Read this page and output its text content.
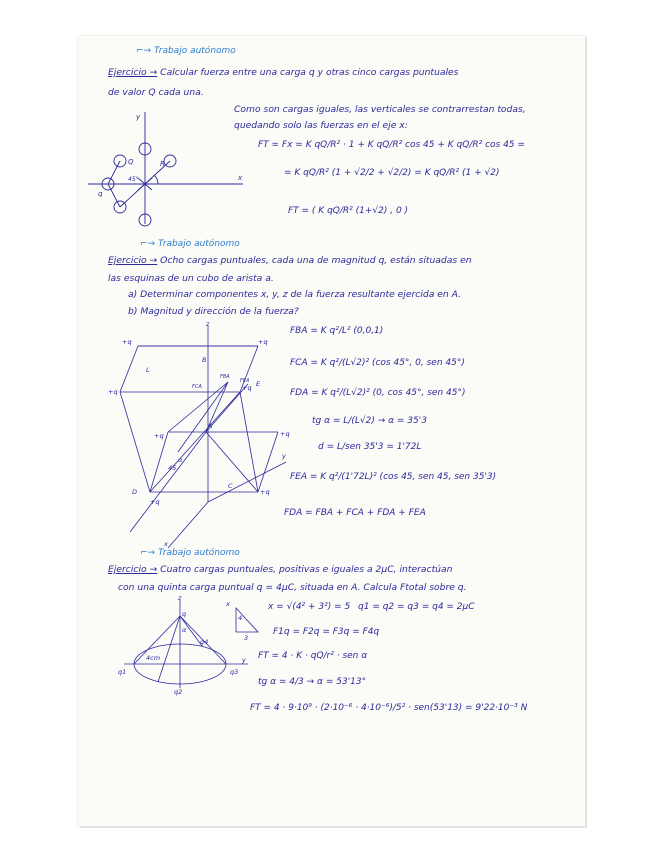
⌐→ Trabajo autónomo
Ejercicio → Calcular fuerza entre una carga q y otras cinco cargas puntuales
de valor Q cada una.
Como son cargas iguales, las verticales se contrarrestan todas,
quedando solo las fuerzas en el eje x:
FT = Fx = K qQ/R² · 1 + K qQ/R² cos 45 + K qQ/R² cos 45 =
= K qQ/R² (1 + √2/2 + √2/2) = K qQ/R² (1 + √2)
FT = ( K qQ/R² (1+√2) , 0 )
y
x
q
Q	R
45°
⌐→ Trabajo autónomo
Ejercicio → Ocho cargas puntuales, cada una de magnitud q, están situadas en
las esquinas de un cubo de arista a.
a) Determinar componentes x, y, z de la fuerza resultante ejercida en A.
b) Magnitud y dirección de la fuerza?
FBA = K q²/L² (0,0,1)
FCA = K q²/(L√2)² (cos 45°, 0, sen 45°)
FDA = K q²/(L√2)² (0, cos 45°, sen 45°)
tg α = L/(L√2) → α = 35'3
d = L/sen 35'3 = 1'72L
FEA = K q²/(1'72L)² (cos 45, sen 45, sen 35'3)
FDA = FBA + FCA + FDA + FEA
z
y
x
+q	+q
+q	+q
+q	+q
+q
D
+q
A
B
C
E
L
45
α
FBA
FEA
FCA
⌐→ Trabajo autónomo
Ejercicio → Cuatro cargas puntuales, positivas e iguales a 2μC, interactúan
con una quinta carga puntual q = 4μC, situada en A. Calcula Ftotal sobre q.
x = √(4² + 3²) = 5 q1 = q2 = q3 = q4 = 2μC
F1q = F2q = F3q = F4q
FT = 4 · K · qQ/r² · sen α
tg α = 4/3 → α = 53'13°
FT = 4 · 9·10⁹ · (2·10⁻⁶ · 4·10⁻⁶)/5² · sen(53'13) = 9'22·10⁻³ N
z
q
y
x
4
3
4cm
q1
q2
q3
q4
α
